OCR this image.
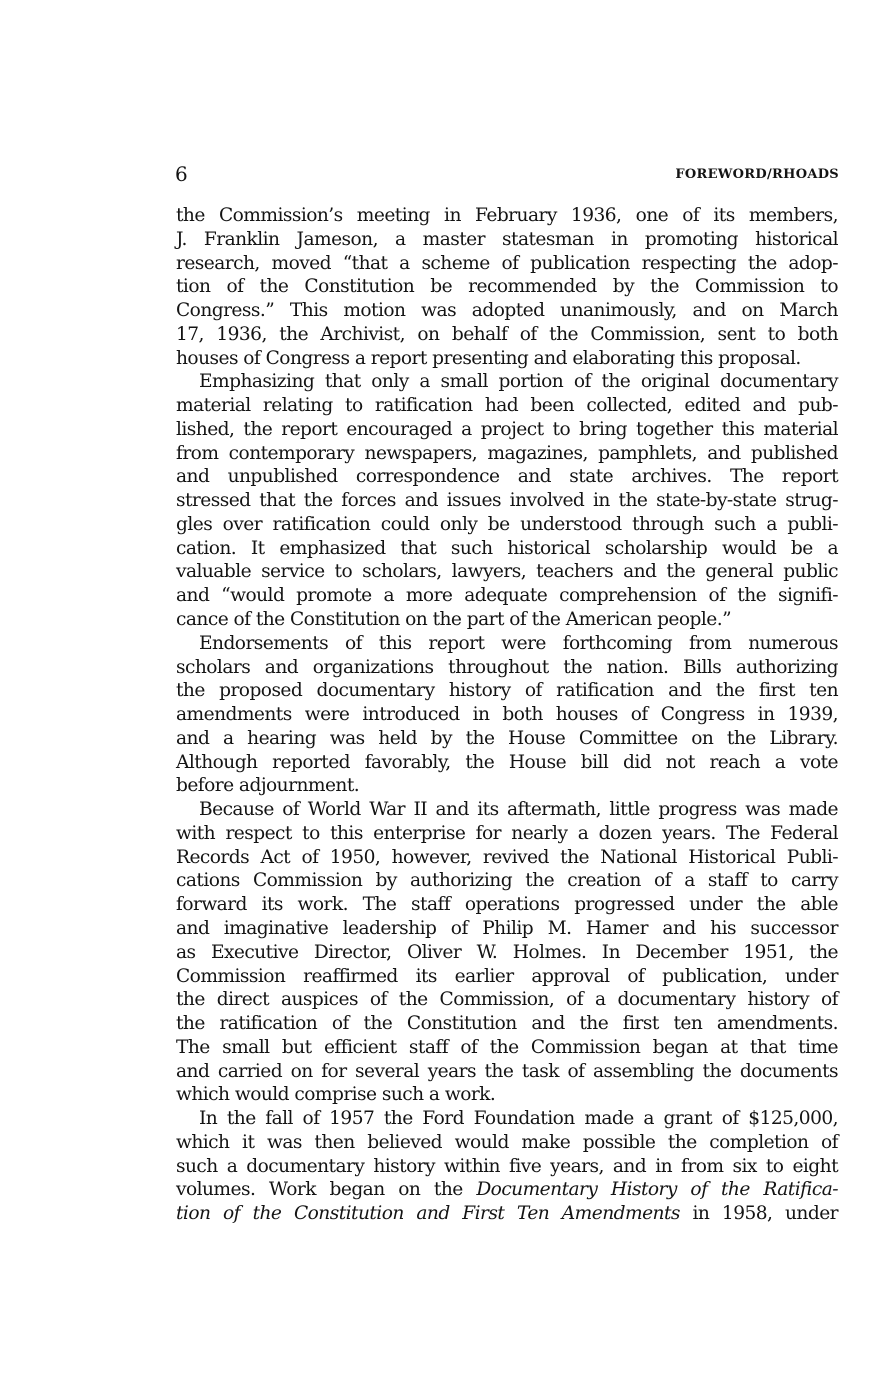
6	FOREWORD/RHOADS
the Commission’s meeting in February 1936, one of its members,
J. Franklin Jameson, a master statesman in promoting historical
research, moved “that a scheme of publication respecting the adop-
tion of the Constitution be recommended by the Commission to
Congress.” This motion was adopted unanimously, and on March
17, 1936, the Archivist, on behalf of the Commission, sent to both
houses of Congress a report presenting and elaborating this proposal.
Emphasizing that only a small portion of the original documentary
material relating to ratification had been collected, edited and pub-
lished, the report encouraged a project to bring together this material
from contemporary newspapers, magazines, pamphlets, and published
and unpublished correspondence and state archives. The report
stressed that the forces and issues involved in the state-by-state strug-
gles over ratification could only be understood through such a publi-
cation. It emphasized that such historical scholarship would be a
valuable service to scholars, lawyers, teachers and the general public
and “would promote a more adequate comprehension of the signifi-
cance of the Constitution on the part of the American people.”
Endorsements of this report were forthcoming from numerous
scholars and organizations throughout the nation. Bills authorizing
the proposed documentary history of ratification and the first ten
amendments were introduced in both houses of Congress in 1939,
and a hearing was held by the House Committee on the Library.
Although reported favorably, the House bill did not reach a vote
before adjournment.
Because of World War II and its aftermath, little progress was made
with respect to this enterprise for nearly a dozen years. The Federal
Records Act of 1950, however, revived the National Historical Publi-
cations Commission by authorizing the creation of a staff to carry
forward its work. The staff operations progressed under the able
and imaginative leadership of Philip M. Hamer and his successor
as Executive Director, Oliver W. Holmes. In December 1951, the
Commission reaffirmed its earlier approval of publication, under
the direct auspices of the Commission, of a documentary history of
the ratification of the Constitution and the first ten amendments.
The small but efficient staff of the Commission began at that time
and carried on for several years the task of assembling the documents
which would comprise such a work.
In the fall of 1957 the Ford Foundation made a grant of $125,000,
which it was then believed would make possible the completion of
such a documentary history within five years, and in from six to eight
volumes. Work began on the Documentary History of the Ratifica-
tion of the Constitution and First Ten Amendments in 1958, under
